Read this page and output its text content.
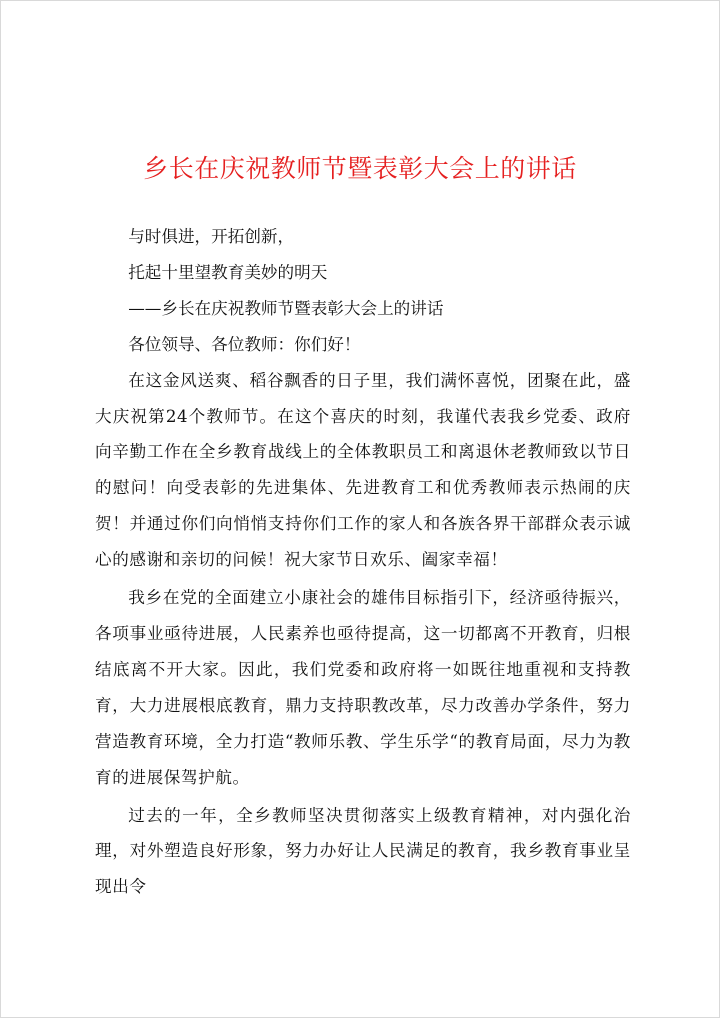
乡长在庆祝教师节暨表彰大会上的讲话

与时俱进，开拓创新，

托起十里望教育美妙的明天

——乡长在庆祝教师节暨表彰大会上的讲话

各位领导、各位教师：你们好！

在这金风送爽、稻谷飘香的日子里，我们满怀喜悦，团聚在此，盛大庆祝第24个教师节。在这个喜庆的时刻，我谨代表我乡党委、政府向辛勤工作在全乡教育战线上的全体教职员工和离退休老教师致以节日的慰问！向受表彰的先进集体、先进教育工和优秀教师表示热闹的庆贺！并通过你们向悄悄支持你们工作的家人和各族各界干部群众表示诚心的感谢和亲切的问候！祝大家节日欢乐、阖家幸福！

我乡在党的全面建立小康社会的雄伟目标指引下，经济亟待振兴，各项事业亟待进展，人民素养也亟待提高，这一切都离不开教育，归根结底离不开大家。因此，我们党委和政府将一如既往地重视和支持教育，大力进展根底教育，鼎力支持职教改革，尽力改善办学条件，努力营造教育环境，全力打造“教师乐教、学生乐学“的教育局面，尽力为教育的进展保驾护航。

过去的一年，全乡教师坚决贯彻落实上级教育精神，对内强化治理，对外塑造良好形象，努力办好让人民满足的教育，我乡教育事业呈现出令
